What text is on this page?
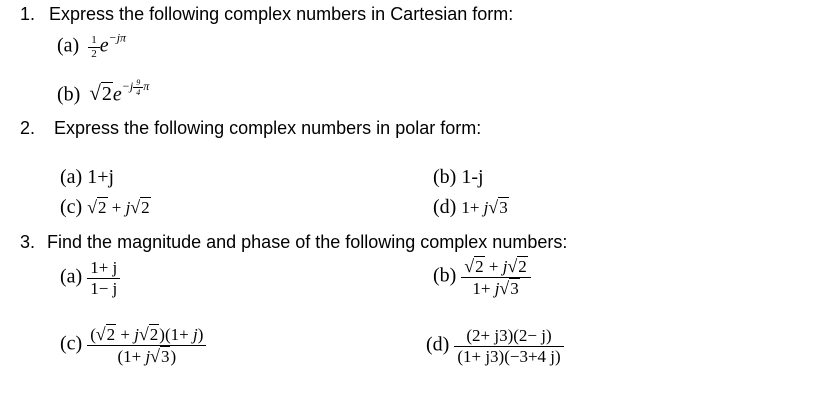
1. Express the following complex numbers in Cartesian form:
$(a) \frac{1}{2} e^{-j\pi}$
(b) $√2e^{-j \frac{9}{4} \pi}$
2. Express the following complex numbers in polar form:
(a) 1+j	(b) 1-j
(c) √2 + j√2	(d) 1+ j√3
3. Find the magnitude and phase of the following complex numbers:
$(a) \frac{1+ j}{1- j}$	$(b) \frac{√2 + j√2}{1+ j√3}$
$(c) \frac{(√2 + j√2)(1+ j)}{(1+ j√3)}$	$(d) \frac{(2+ j3)(2- j)}{(1+ j3)(-3+4 j)}$
